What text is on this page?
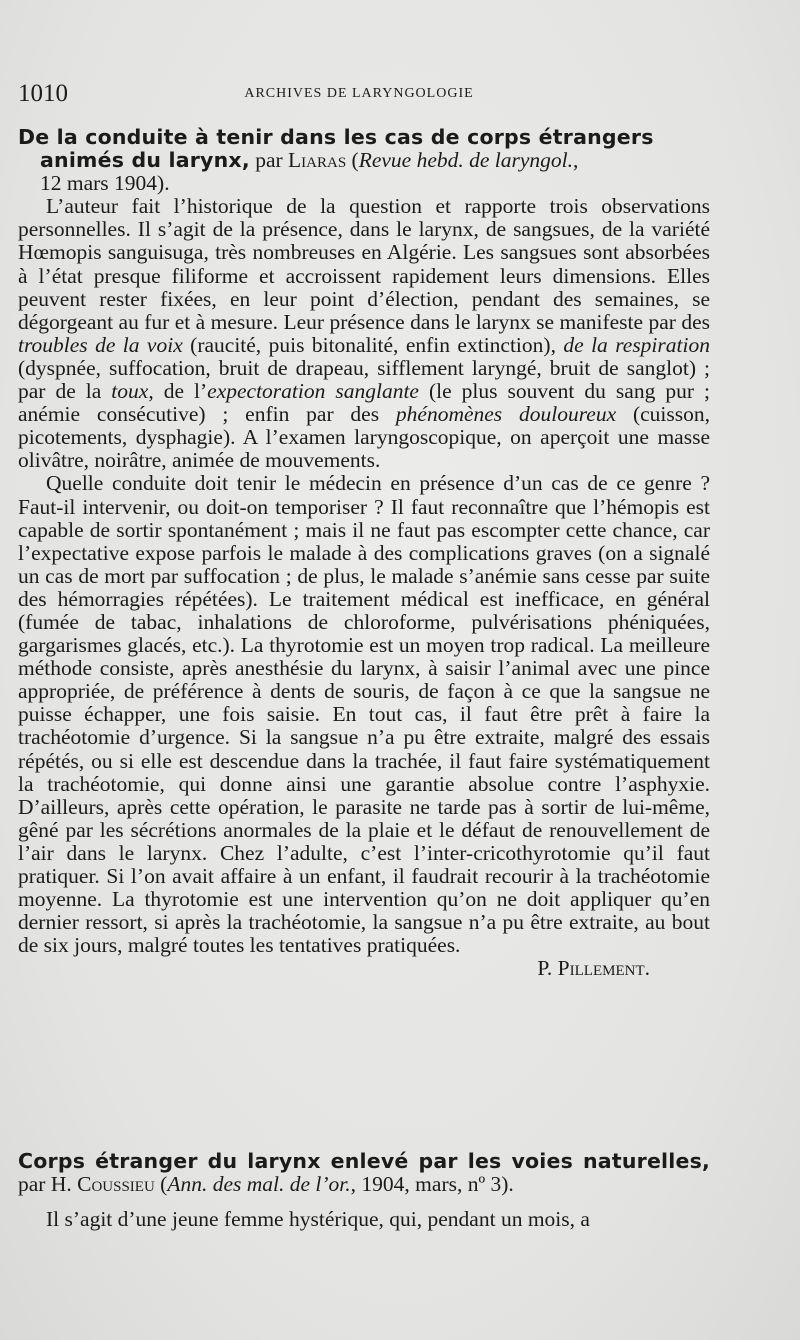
1010	ARCHIVES DE LARYNGOLOGIE

De la conduite à tenir dans les cas de corps étrangers
animés du larynx, par Liaras (Revue hebd. de laryngol.,
12 mars 1904).

L’auteur fait l’historique de la question et rapporte trois observations personnelles. Il s’agit de la présence, dans le larynx, de sangsues, de la variété Hœmopis sanguisuga, très nombreuses en Algérie. Les sangsues sont absorbées à l’état presque filiforme et accroissent rapidement leurs dimensions. Elles peuvent rester fixées, en leur point d’élection, pendant des semaines, se dégorgeant au fur et à mesure. Leur présence dans le larynx se manifeste par des troubles de la voix (raucité, puis bitonalité, enfin extinction), de la respiration (dyspnée, suffocation, bruit de drapeau, sifflement laryngé, bruit de sanglot) ; par de la toux, de l’expectoration sanglante (le plus souvent du sang pur ; anémie consécutive) ; enfin par des phénomènes douloureux (cuisson, picotements, dysphagie). A l’examen laryngoscopique, on aperçoit une masse olivâtre, noirâtre, animée de mouvements.

Quelle conduite doit tenir le médecin en présence d’un cas de ce genre ? Faut-il intervenir, ou doit-on temporiser ? Il faut reconnaître que l’hémopis est capable de sortir spontanément ; mais il ne faut pas escompter cette chance, car l’expectative expose parfois le malade à des complications graves (on a signalé un cas de mort par suffocation ; de plus, le malade s’anémie sans cesse par suite des hémorragies répétées). Le traitement médical est inefficace, en général (fumée de tabac, inhalations de chloroforme, pulvérisations phéniquées, gargarismes glacés, etc.). La thyrotomie est un moyen trop radical. La meilleure méthode consiste, après anesthésie du larynx, à saisir l’animal avec une pince appropriée, de préférence à dents de souris, de façon à ce que la sangsue ne puisse échapper, une fois saisie. En tout cas, il faut être prêt à faire la trachéotomie d’urgence. Si la sangsue n’a pu être extraite, malgré des essais répétés, ou si elle est descendue dans la trachée, il faut faire systématiquement la trachéotomie, qui donne ainsi une garantie absolue contre l’asphyxie. D’ailleurs, après cette opération, le parasite ne tarde pas à sortir de lui-même, gêné par les sécrétions anormales de la plaie et le défaut de renouvellement de l’air dans le larynx. Chez l’adulte, c’est l’inter-cricothyrotomie qu’il faut pratiquer. Si l’on avait affaire à un enfant, il faudrait recourir à la trachéotomie moyenne. La thyrotomie est une intervention qu’on ne doit appliquer qu’en dernier ressort, si après la trachéotomie, la sangsue n’a pu être extraite, au bout de six jours, malgré toutes les tentatives pratiquées.

P. Pillement.

Corps étranger du larynx enlevé par les voies naturelles, par H. Coussieu (Ann. des mal. de l’or., 1904, mars, nº 3).

Il s’agit d’une jeune femme hystérique, qui, pendant un mois, a
